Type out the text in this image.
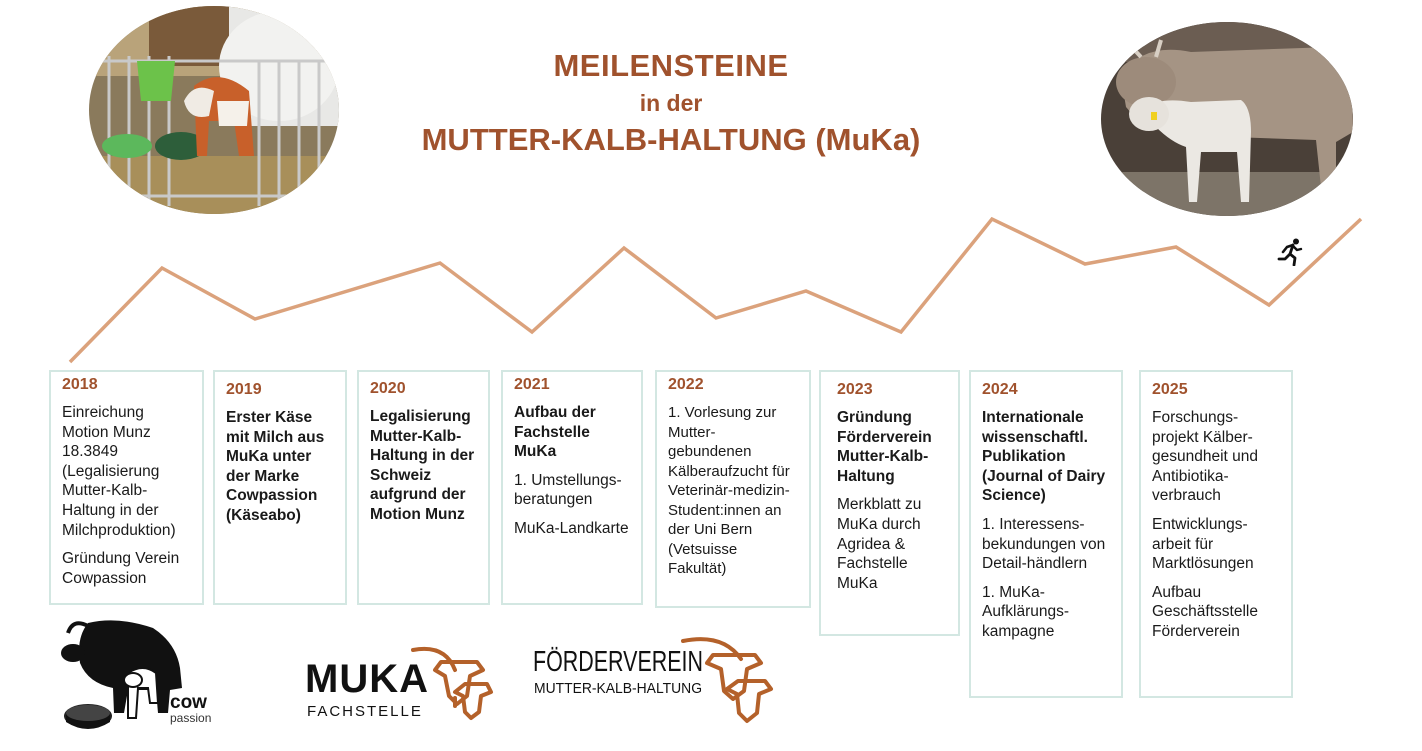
MEILENSTEINE
in der
MUTTER-KALB-HALTUNG (MuKa)
2018
Einreichung Motion Munz 18.3849 (Legalisierung Mutter-Kalb-Haltung in der Milchproduktion)
Gründung Verein Cowpassion
2019
Erster Käse mit Milch aus MuKa unter der Marke Cowpassion (Käseabo)
2020
Legalisierung Mutter-Kalb-Haltung in der Schweiz aufgrund der Motion Munz
2021
Aufbau der Fachstelle MuKa
1. Umstellungs-beratungen
MuKa-Landkarte
2022
1. Vorlesung zur Mutter-gebundenen Kälberaufzucht für Veterinär-medizin-Student:innen an der Uni Bern (Vetsuisse Fakultät)
2023
Gründung Förderverein Mutter-Kalb-Haltung
Merkblatt zu MuKa durch Agridea & Fachstelle MuKa
2024
Internationale wissenschaftl. Publikation (Journal of Dairy Science)
1. Interessens-bekundungen von Detail-händlern
1. MuKa-Aufklärungs-kampagne
2025
Forschungs-projekt Kälber-gesundheit und Antibiotika-verbrauch
Entwicklungs-arbeit für Marktlösungen
Aufbau Geschäftsstelle Förderverein
cow
passion
MUKA
FACHSTELLE
FÖRDERVEREIN
MUTTER-KALB-HALTUNG
